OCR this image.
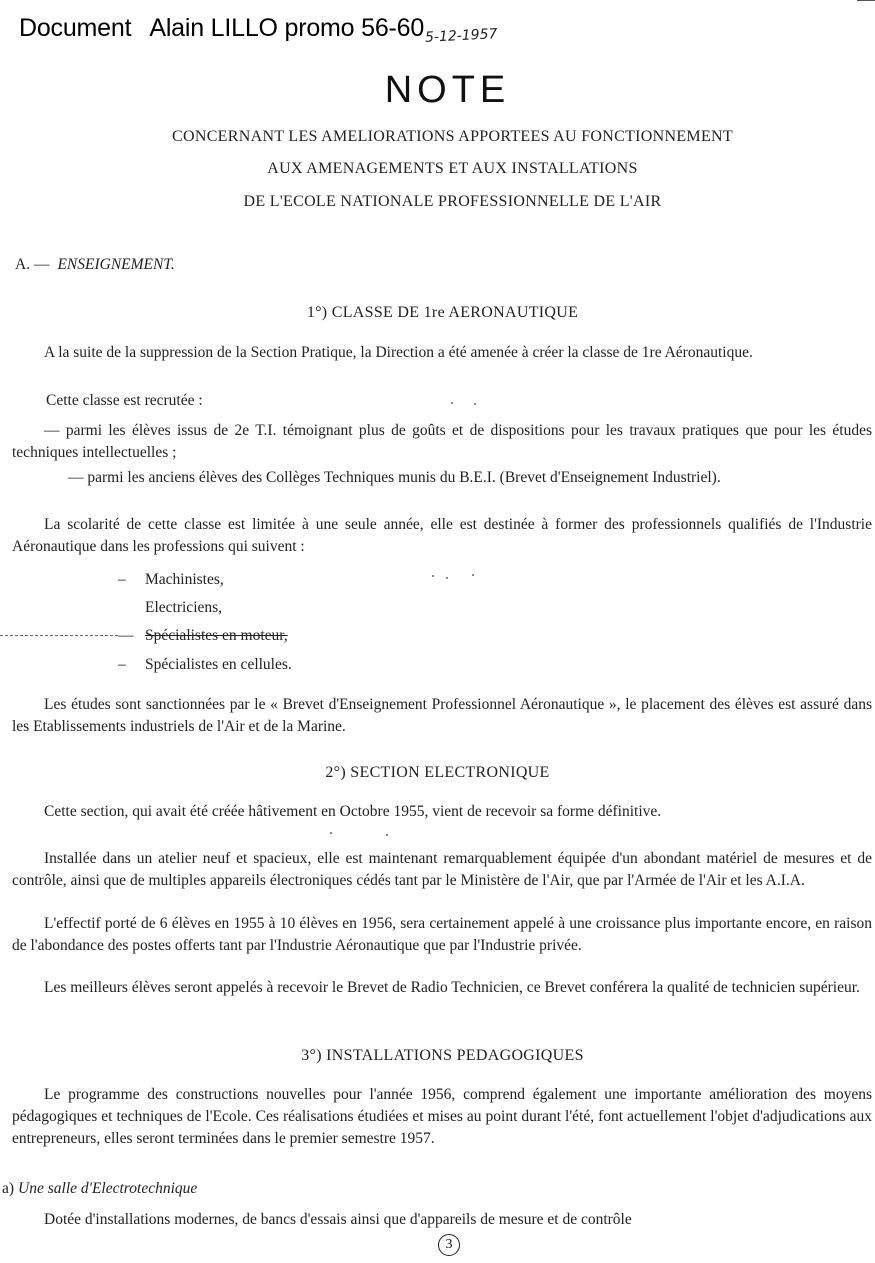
Document Alain LILLO promo 56-60 5-12-1957
NOTE
CONCERNANT LES AMELIORATIONS APPORTEES AU FONCTIONNEMENT
AUX AMENAGEMENTS ET AUX INSTALLATIONS
DE L'ECOLE NATIONALE PROFESSIONNELLE DE L'AIR
A. — ENSEIGNEMENT.
1°) CLASSE DE 1re AERONAUTIQUE
A la suite de la suppression de la Section Pratique, la Direction a été amenée à créer la classe de 1re Aéronautique.
Cette classe est recrutée :
— parmi les élèves issus de 2e T.I. témoignant plus de goûts et de dispositions pour les travaux pratiques que pour les études techniques intellectuelles ;
— parmi les anciens élèves des Collèges Techniques munis du B.E.I. (Brevet d'Enseignement Industriel).
La scolarité de cette classe est limitée à une seule année, elle est destinée à former des professionnels qualifiés de l'Industrie Aéronautique dans les professions qui suivent :
– Machinistes,
Electriciens,
— Spécialistes en moteur,
– Spécialistes en cellules.
Les études sont sanctionnées par le « Brevet d'Enseignement Professionnel Aéronautique », le placement des élèves est assuré dans les Etablissements industriels de l'Air et de la Marine.
2°) SECTION ELECTRONIQUE
Cette section, qui avait été créée hâtivement en Octobre 1955, vient de recevoir sa forme définitive.
Installée dans un atelier neuf et spacieux, elle est maintenant remarquablement équipée d'un abondant matériel de mesures et de contrôle, ainsi que de multiples appareils électroniques cédés tant par le Ministère de l'Air, que par l'Armée de l'Air et les A.I.A.
L'effectif porté de 6 élèves en 1955 à 10 élèves en 1956, sera certainement appelé à une croissance plus importante encore, en raison de l'abondance des postes offerts tant par l'Industrie Aéronautique que par l'Industrie privée.
Les meilleurs élèves seront appelés à recevoir le Brevet de Radio Technicien, ce Brevet conférera la qualité de technicien supérieur.
3°) INSTALLATIONS PEDAGOGIQUES
Le programme des constructions nouvelles pour l'année 1956, comprend également une importante amélioration des moyens pédagogiques et techniques de l'Ecole. Ces réalisations étudiées et mises au point durant l'été, font actuellement l'objet d'adjudications aux entrepreneurs, elles seront terminées dans le premier semestre 1957.
a) Une salle d'Electrotechnique
Dotée d'installations modernes, de bancs d'essais ainsi que d'appareils de mesure et de contrôle
3
